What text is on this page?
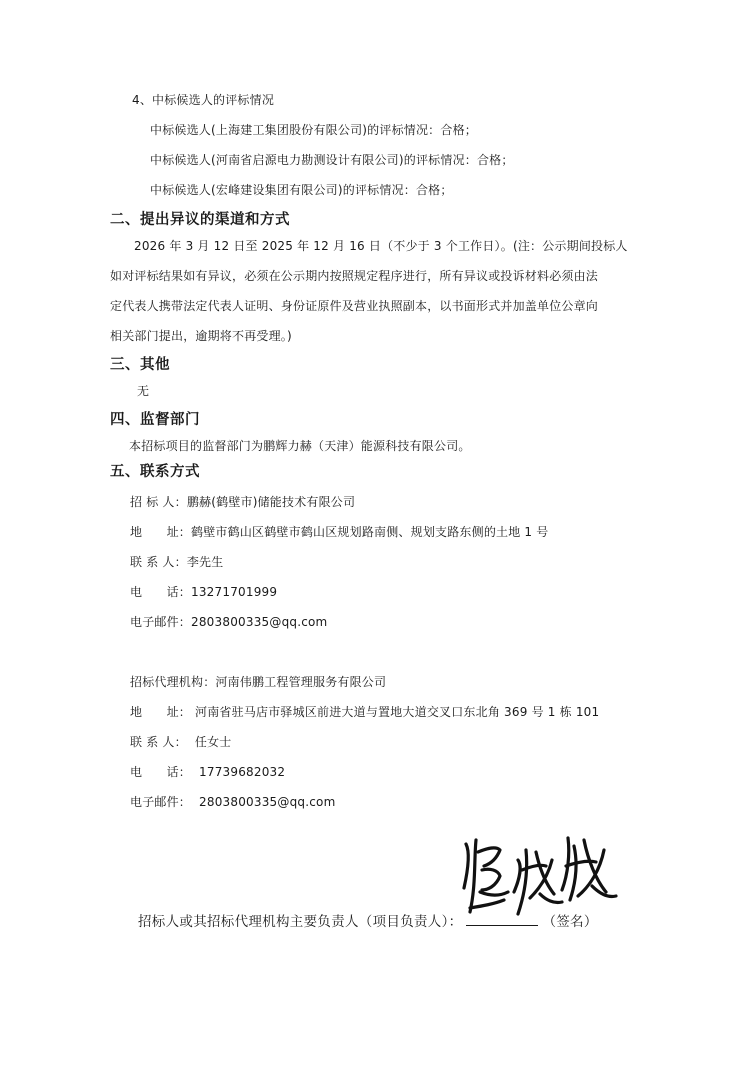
4、中标候选人的评标情况
中标候选人(上海建工集团股份有限公司)的评标情况：合格；
中标候选人(河南省启源电力勘测设计有限公司)的评标情况：合格；
中标候选人(宏峰建设集团有限公司)的评标情况：合格；
二、提出异议的渠道和方式
2026 年 3 月 12 日至 2025 年 12 月 16 日（不少于 3 个工作日）。(注：公示期间投标人
如对评标结果如有异议，必须在公示期内按照规定程序进行，所有异议或投诉材料必须由法
定代表人携带法定代表人证明、身份证原件及营业执照副本，以书面形式并加盖单位公章向
相关部门提出，逾期将不再受理。)
三、其他
无
四、监督部门
本招标项目的监督部门为鹏辉力赫（天津）能源科技有限公司。
五、联系方式
招 标 人：鹏赫(鹤壁市)储能技术有限公司
地　　址：鹤壁市鹤山区鹤壁市鹤山区规划路南侧、规划支路东侧的土地 1 号
联 系 人：李先生
电　　话：13271701999
电子邮件：2803800335@qq.com
招标代理机构：河南伟鹏工程管理服务有限公司
地　　址： 河南省驻马店市驿城区前进大道与置地大道交叉口东北角 369 号 1 栋 101
联 系 人： 任女士
电　　话： 17739682032
电子邮件： 2803800335@qq.com
招标人或其招标代理机构主要负责人（项目负责人）：	（签名）
